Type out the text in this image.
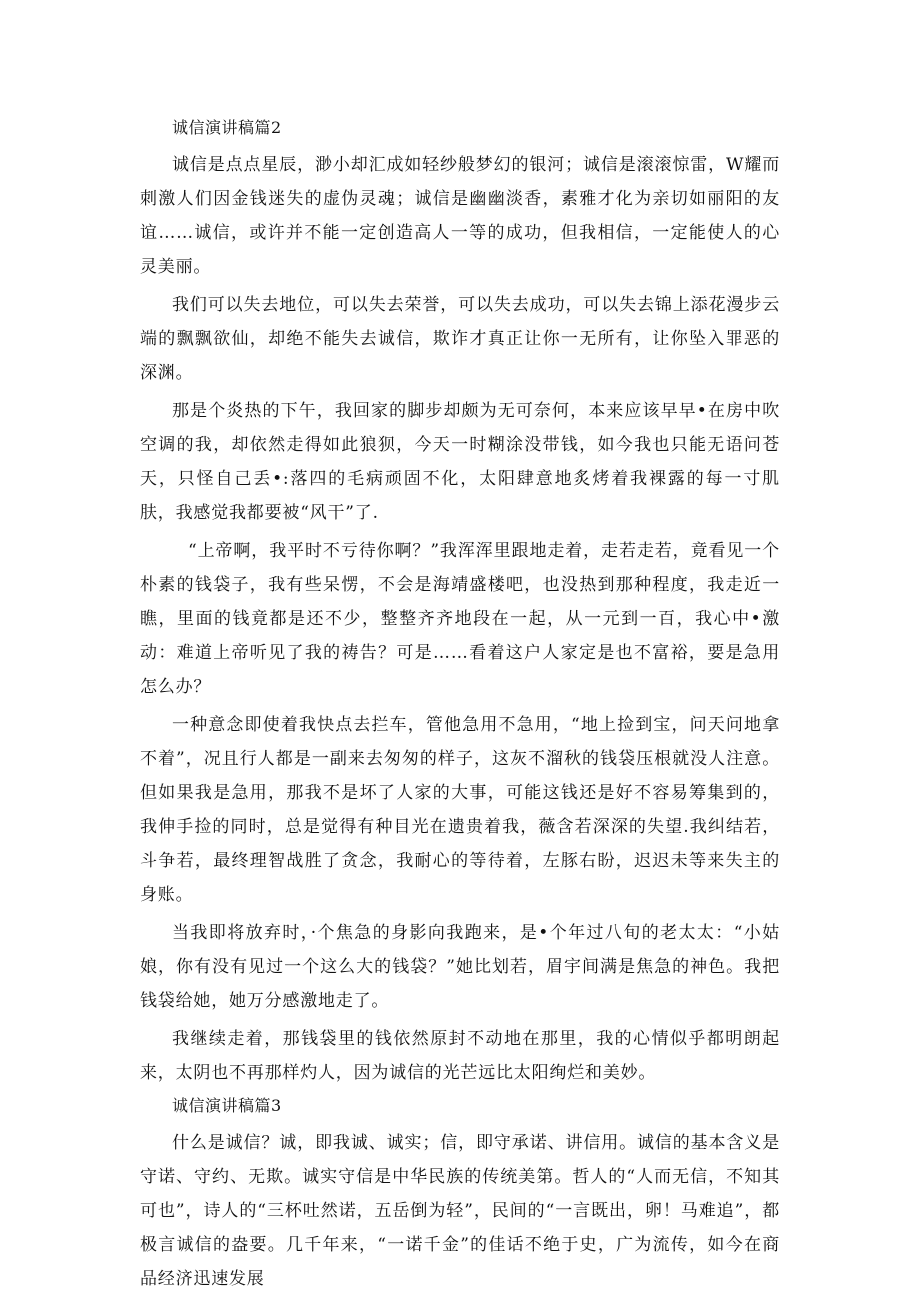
诚信演讲稿篇2

诚信是点点星辰，渺小却汇成如轻纱般梦幻的银河；诚信是滚滚惊雷，W耀而刺激人们因金钱迷失的虚伪灵魂；诚信是幽幽淡香，素雅才化为亲切如丽阳的友谊……诚信，或许并不能一定创造高人一等的成功，但我相信，一定能使人的心灵美丽。

我们可以失去地位，可以失去荣誉，可以失去成功，可以失去锦上添花漫步云端的飘飘欲仙，却绝不能失去诚信，欺诈才真正让你一无所有，让你坠入罪恶的深渊。

那是个炎热的下午，我回家的脚步却颇为无可奈何，本来应该早早•在房中吹空调的我，却依然走得如此狼狈，今天一时糊涂没带钱，如今我也只能无语问苍天，只怪自己丢•:落四的毛病顽固不化，太阳肆意地炙烤着我裸露的每一寸肌肤，我感觉我都要被“风干”了.

“上帝啊，我平时不亏待你啊？”我浑浑里跟地走着，走若走若，竟看见一个朴素的钱袋子，我有些呆愣，不会是海靖盛楼吧，也没热到那种程度，我走近一瞧，里面的钱竟都是还不少，整整齐齐地段在一起，从一元到一百，我心中•激动：难道上帝听见了我的祷告？可是……看着这户人家定是也不富裕，要是急用怎么办？

一种意念即使着我快点去拦车，管他急用不急用，“地上捡到宝，问天问地拿不着”，况且行人都是一副来去匆匆的样子，这灰不溜秋的钱袋压根就没人注意。但如果我是急用，那我不是坏了人家的大事，可能这钱还是好不容易筹集到的，我伸手捡的同时，总是觉得有种目光在遗贵着我，薇含若深深的失望.我纠结若，斗争若，最终理智战胜了贪念，我耐心的等待着，左豚右盼，迟迟未等来失主的身账。

当我即将放弃时，·个焦急的身影向我跑来，是•个年过八旬的老太太：“小姑娘，你有没有见过一个这么大的钱袋？”她比划若，眉宇间满是焦急的神色。我把钱袋给她，她万分感激地走了。

我继续走着，那钱袋里的钱依然原封不动地在那里，我的心情似乎都明朗起来，太阴也不再那样灼人，因为诚信的光芒远比太阳绚烂和美妙。

诚信演讲稿篇3

什么是诚信？诚，即我诚、诚实；信，即守承诺、讲信用。诚信的基本含义是守诺、守约、无欺。诚实守信是中华民族的传统美第。哲人的“人而无信，不知其可也”，诗人的“三杯吐然诺，五岳倒为轻”，民间的“一言既出，卵！马难追”，都极言诚信的盎要。几千年来，“一诺千金”的佳话不绝于史，广为流传，如今在商品经济迅速发展
